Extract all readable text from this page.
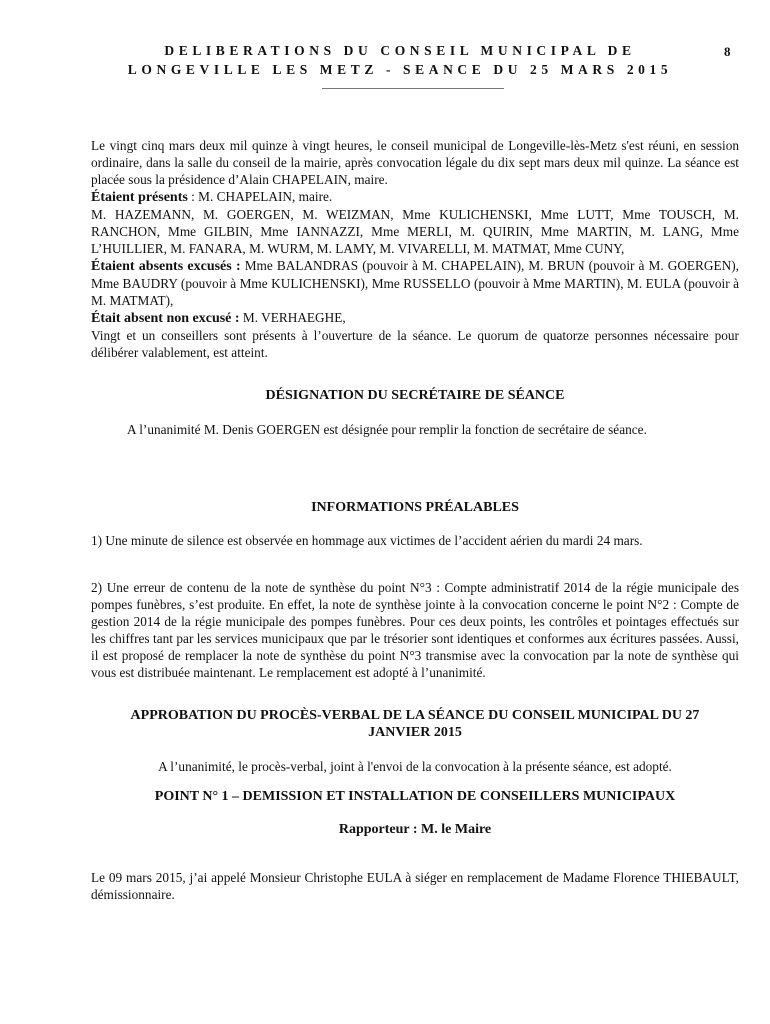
DELIBERATIONS DU CONSEIL MUNICIPAL DE
LONGEVILLE LES METZ - SEANCE DU 25 MARS 2015
8

Le vingt cinq mars deux mil quinze à vingt heures, le conseil municipal de Longeville-lès-Metz s'est réuni, en session ordinaire, dans la salle du conseil de la mairie, après convocation légale du dix sept mars deux mil quinze. La séance est placée sous la présidence d’Alain CHAPELAIN, maire.

Étaient présents : M. CHAPELAIN, maire.

M. HAZEMANN, M. GOERGEN, M. WEIZMAN, Mme KULICHENSKI, Mme LUTT, Mme TOUSCH, M. RANCHON, Mme GILBIN, Mme IANNAZZI, Mme MERLI, M. QUIRIN, Mme MARTIN, M. LANG, Mme L’HUILLIER, M. FANARA, M. WURM, M. LAMY, M. VIVARELLI, M. MATMAT, Mme CUNY,

Étaient absents excusés : Mme BALANDRAS (pouvoir à M. CHAPELAIN), M. BRUN (pouvoir à M. GOERGEN), Mme BAUDRY (pouvoir à Mme KULICHENSKI), Mme RUSSELLO (pouvoir à Mme MARTIN), M. EULA (pouvoir à M. MATMAT),

Était absent non excusé : M. VERHAEGHE,

Vingt et un conseillers sont présents à l’ouverture de la séance. Le quorum de quatorze personnes nécessaire pour délibérer valablement, est atteint.

DÉSIGNATION DU SECRÉTAIRE DE SÉANCE
A l’unanimité M. Denis GOERGEN est désignée pour remplir la fonction de secrétaire de séance.
INFORMATIONS PRÉALABLES
1) Une minute de silence est observée en hommage aux victimes de l’accident aérien du mardi 24 mars.
2) Une erreur de contenu de la note de synthèse du point N°3 : Compte administratif 2014 de la régie municipale des pompes funèbres, s’est produite. En effet, la note de synthèse jointe à la convocation concerne le point N°2 : Compte de gestion 2014 de la régie municipale des pompes funèbres. Pour ces deux points, les contrôles et pointages effectués sur les chiffres tant par les services municipaux que par le trésorier sont identiques et conformes aux écritures passées. Aussi, il est proposé de remplacer la note de synthèse du point N°3 transmise avec la convocation par la note de synthèse qui vous est distribuée maintenant. Le remplacement est adopté à l’unanimité.
APPROBATION DU PROCÈS-VERBAL DE LA SÉANCE DU CONSEIL MUNICIPAL DU 27
JANVIER 2015
A l’unanimité, le procès-verbal, joint à l'envoi de la convocation à la présente séance, est adopté.
POINT N° 1 – DEMISSION ET INSTALLATION DE CONSEILLERS MUNICIPAUX
Rapporteur : M. le Maire
Le 09 mars 2015, j’ai appelé Monsieur Christophe EULA à siéger en remplacement de Madame Florence THIEBAULT, démissionnaire.
